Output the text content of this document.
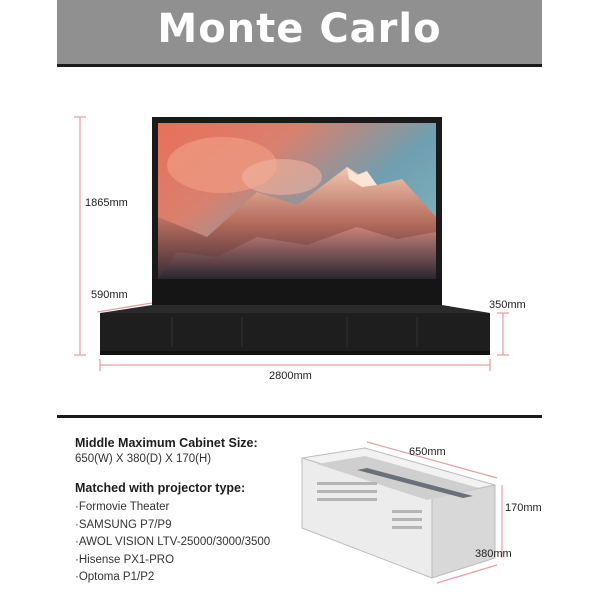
Monte Carlo
1865mm
590mm
350mm
2800mm

Middle Maximum Cabinet Size:

650(W) X 380(D) X 170(H)

Matched with projector type:

·Formovie Theater
·SAMSUNG P7/P9
·AWOL VISION LTV-25000/3000/3500
·Hisense PX1-PRO
·Optoma P1/P2
650mm
170mm
380mm
